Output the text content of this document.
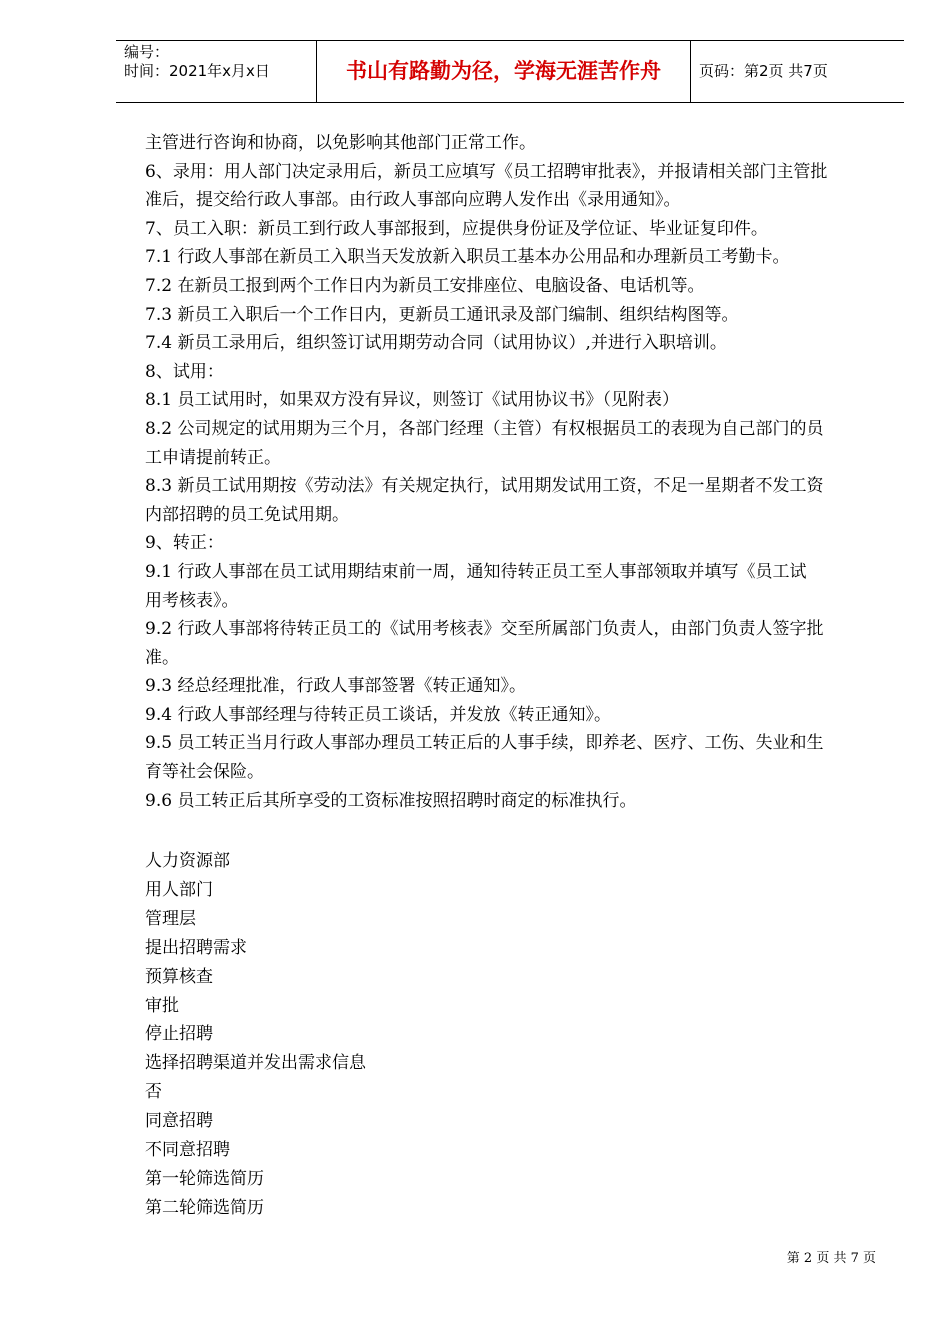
编号：
时间：2021年x月x日	书山有路勤为径，学海无涯苦作舟	页码：第2页 共7页
主管进行咨询和协商，以免影响其他部门正常工作。
6、录用：用人部门决定录用后，新员工应填写《员工招聘审批表》，并报请相关部门主管批
准后，提交给行政人事部。由行政人事部向应聘人发作出《录用通知》。
7、员工入职：新员工到行政人事部报到，应提供身份证及学位证、毕业证复印件。
7.1 行政人事部在新员工入职当天发放新入职员工基本办公用品和办理新员工考勤卡。
7.2 在新员工报到两个工作日内为新员工安排座位、电脑设备、电话机等。
7.3 新员工入职后一个工作日内，更新员工通讯录及部门编制、组织结构图等。
7.4 新员工录用后，组织签订试用期劳动合同（试用协议）,并进行入职培训。
8、试用：
8.1 员工试用时，如果双方没有异议，则签订《试用协议书》（见附表）
8.2 公司规定的试用期为三个月，各部门经理（主管）有权根据员工的表现为自己部门的员
工申请提前转正。
8.3 新员工试用期按《劳动法》有关规定执行，试用期发试用工资，不足一星期者不发工资
内部招聘的员工免试用期。
9、转正：
9.1 行政人事部在员工试用期结束前一周，通知待转正员工至人事部领取并填写《员工试
用考核表》。
9.2 行政人事部将待转正员工的《试用考核表》交至所属部门负责人，由部门负责人签字批
准。
9.3 经总经理批准，行政人事部签署《转正通知》。
9.4 行政人事部经理与待转正员工谈话，并发放《转正通知》。
9.5 员工转正当月行政人事部办理员工转正后的人事手续，即养老、医疗、工伤、失业和生
育等社会保险。
9.6 员工转正后其所享受的工资标准按照招聘时商定的标准执行。
人力资源部
用人部门
管理层
提出招聘需求
预算核查
审批
停止招聘
选择招聘渠道并发出需求信息
否
同意招聘
不同意招聘
第一轮筛选简历
第二轮筛选简历
第 2 页 共 7 页
